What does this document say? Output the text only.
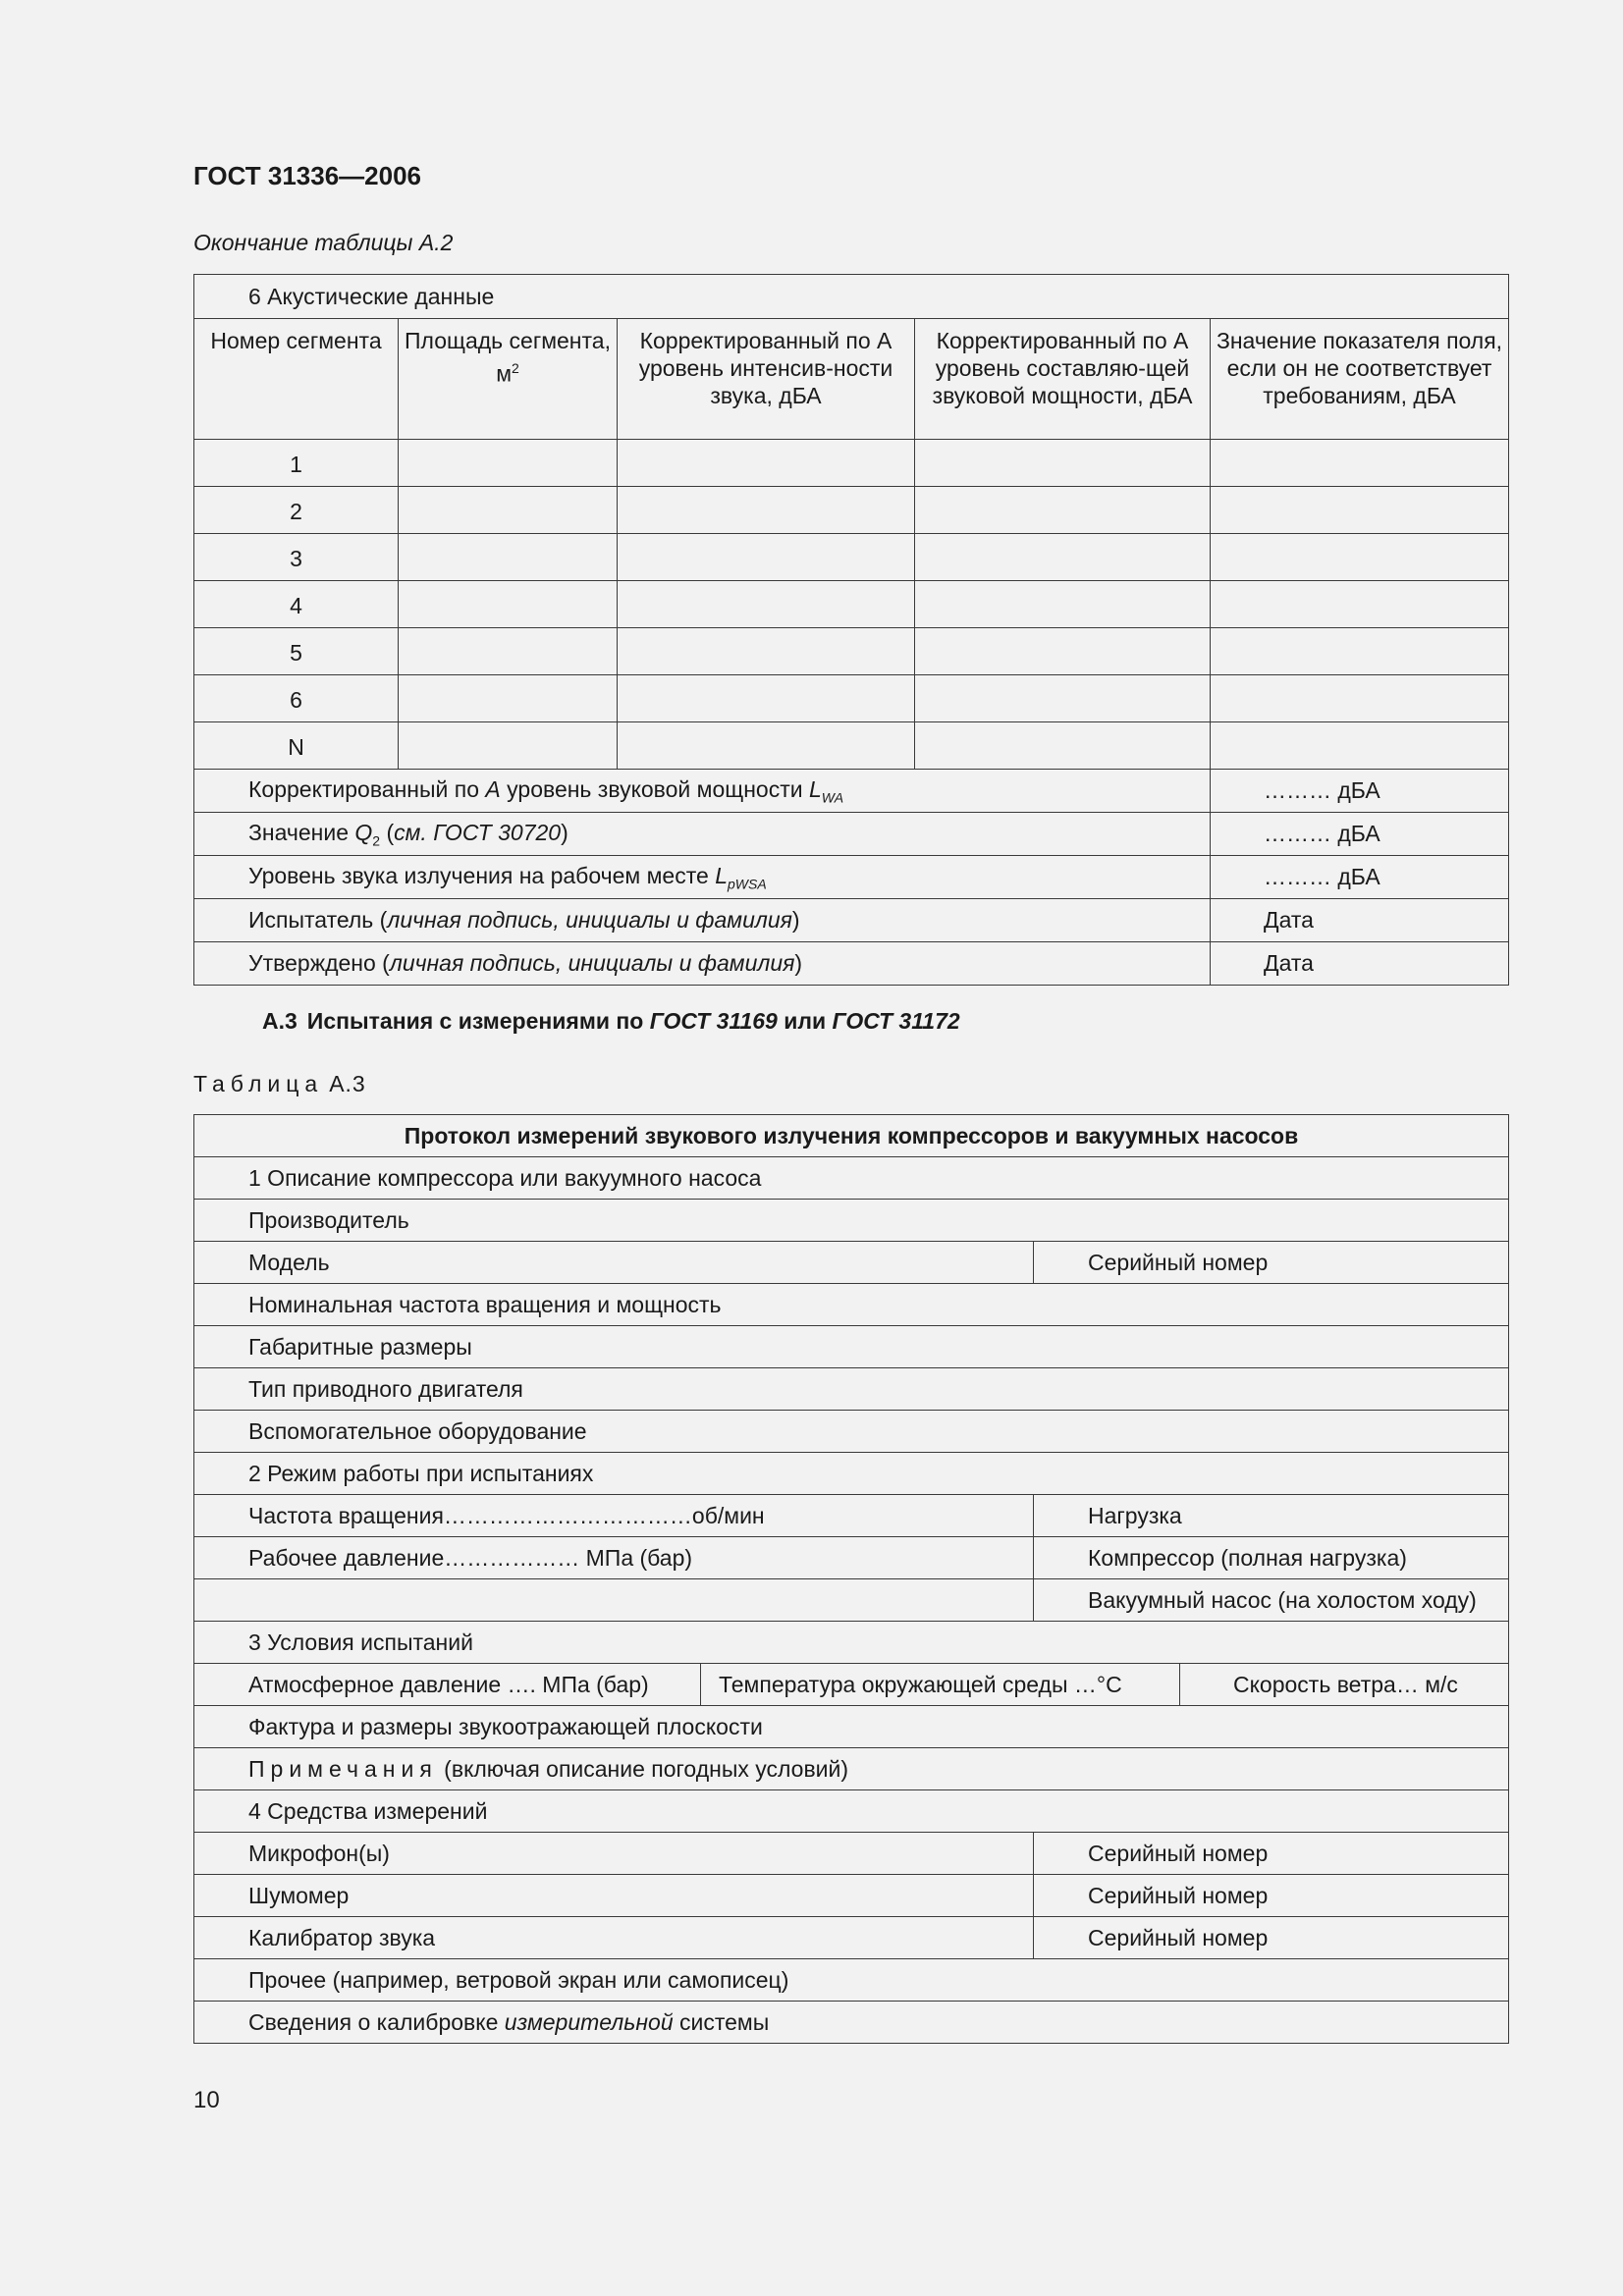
ГОСТ 31336—2006
Окончание таблицы А.2
6 Акустические данные				
Номер сегмента	Площадь сегмента, $м^2$	Корректированный по А уровень интенсив-ности звука, дБА	Корректированный по А уровень составляю-щей звуковой мощности, дБА	Значение показателя поля, если он не соответствует требованиям, дБА
1				
2				
3				
4				
5				
6				
N				
Корректированный по А уровень звуковой мощности $L_{WA}$				……… дБА
Значение $Q_2$ (см. ГОСТ 30720)				……… дБА
Уровень звука излучения на рабочем месте $L_{pWSA}$				……… дБА
Испытатель (личная подпись, инициалы и фамилия)				Дата
Утверждено (личная подпись, инициалы и фамилия)				Дата
А.3 Испытания с измерениями по ГОСТ 31169 или ГОСТ 31172
Таблица А.3
Протокол измерений звукового излучения компрессоров и вакуумных насосов	
1 Описание компрессора или вакуумного насоса	
Производитель	
Модель	Серийный номер
Номинальная частота вращения и мощность	
Габаритные размеры	
Тип приводного двигателя	
Вспомогательное оборудование	
2 Режим работы при испытаниях	
Частота вращения……………………………об/мин	Нагрузка
Рабочее давление……………… МПа (бар)	Компрессор (полная нагрузка)
	Вакуумный насос (на холостом ходу)
3 Условия испытаний	

Атмосферное давление …. МПа (бар) Температура окружающей среды …°С Скорость ветра… м/с	

Фактура и размеры звукоотражающей плоскости	
Примечания (включая описание погодных условий)	
4 Средства измерений	
Микрофон(ы)	Серийный номер
Шумомер	Серийный номер
Калибратор звука	Серийный номер
Прочее (например, ветровой экран или самописец)	
Сведения о калибровке измерительной системы	
10
